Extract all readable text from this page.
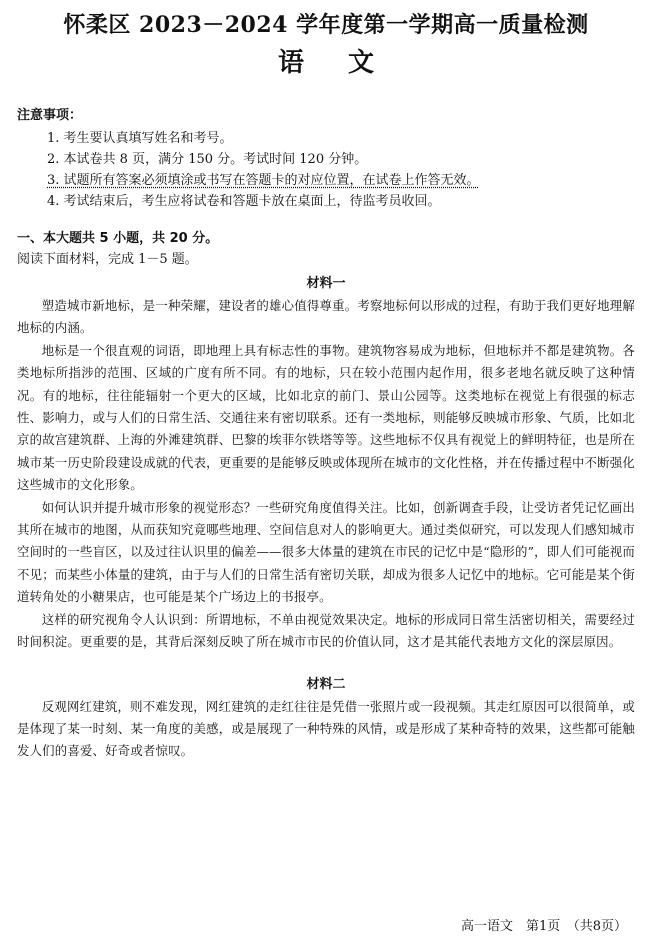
怀柔区 2023－2024 学年度第一学期高一质量检测
语文
注意事项：
1. 考生要认真填写姓名和考号。
2. 本试卷共 8 页，满分 150 分。考试时间 120 分钟。
3. 试题所有答案必须填涂或书写在答题卡的对应位置，在试卷上作答无效。
4. 考试结束后，考生应将试卷和答题卡放在桌面上，待监考员收回。
一、本大题共 5 小题，共 20 分。
阅读下面材料，完成 1－5 题。
材料一

塑造城市新地标，是一种荣耀，建设者的雄心值得尊重。考察地标何以形成的过程，有助于我们更好地理解地标的内涵。

地标是一个很直观的词语，即地理上具有标志性的事物。建筑物容易成为地标，但地标并不都是建筑物。各类地标所指涉的范围、区域的广度有所不同。有的地标，只在较小范围内起作用，很多老地名就反映了这种情况。有的地标，往往能辐射一个更大的区域，比如北京的前门、景山公园等。这类地标在视觉上有很强的标志性、影响力，或与人们的日常生活、交通往来有密切联系。还有一类地标，则能够反映城市形象、气质，比如北京的故宫建筑群、上海的外滩建筑群、巴黎的埃菲尔铁塔等等。这些地标不仅具有视觉上的鲜明特征，也是所在城市某一历史阶段建设成就的代表，更重要的是能够反映或体现所在城市的文化性格，并在传播过程中不断强化这些城市的文化形象。

如何认识并提升城市形象的视觉形态？一些研究角度值得关注。比如，创新调查手段，让受访者凭记忆画出其所在城市的地图，从而获知究竟哪些地理、空间信息对人的影响更大。通过类似研究，可以发现人们感知城市空间时的一些盲区，以及过往认识里的偏差——很多大体量的建筑在市民的记忆中是“隐形的”，即人们可能视而不见；而某些小体量的建筑，由于与人们的日常生活有密切关联，却成为很多人记忆中的地标。它可能是某个街道转角处的小糖果店，也可能是某个广场边上的书报亭。

这样的研究视角令人认识到：所谓地标，不单由视觉效果决定。地标的形成同日常生活密切相关，需要经过时间积淀。更重要的是，其背后深刻反映了所在城市市民的价值认同，这才是其能代表地方文化的深层原因。

材料二

反观网红建筑，则不难发现，网红建筑的走红往往是凭借一张照片或一段视频。其走红原因可以很简单，或是体现了某一时刻、某一角度的美感，或是展现了一种特殊的风情，或是形成了某种奇特的效果，这些都可能触发人们的喜爱、好奇或者惊叹。

高一语文　第1页　（共8页）
